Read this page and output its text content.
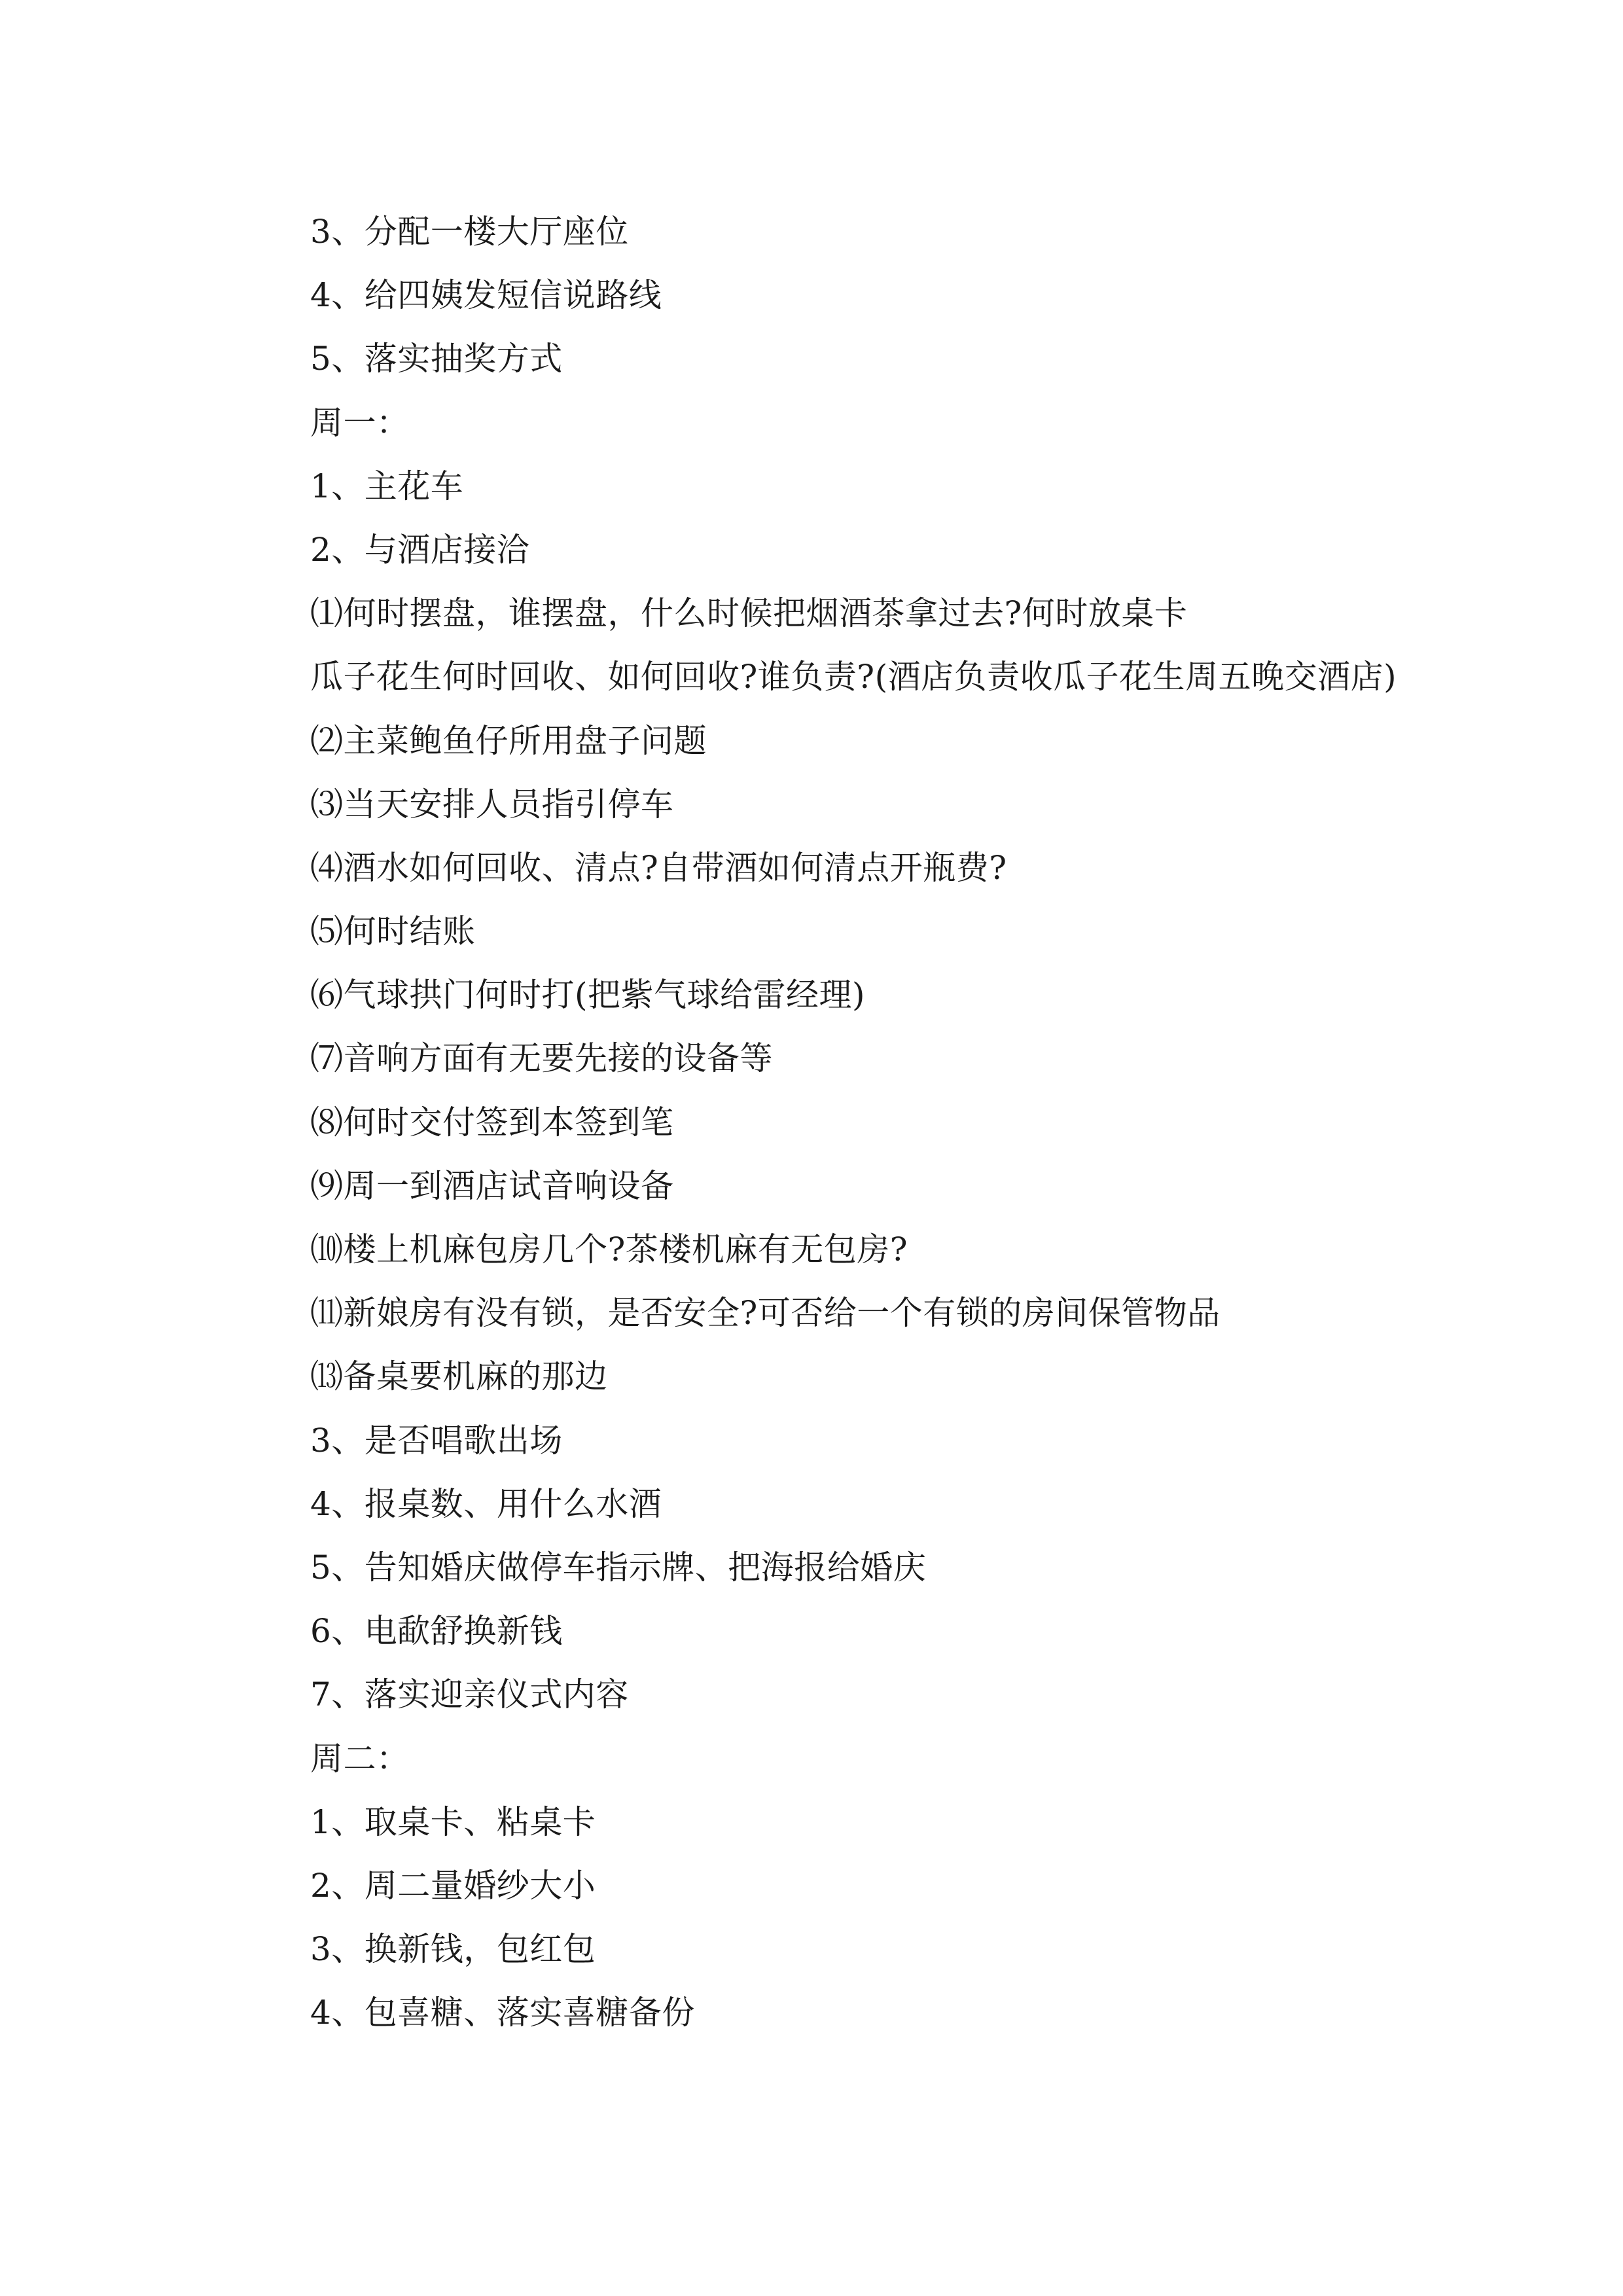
3、分配一楼大厅座位
4、给四姨发短信说路线
5、落实抽奖方式
周一：
1、主花车
2、与酒店接洽
⑴何时摆盘，谁摆盘，什么时候把烟酒茶拿过去?何时放桌卡
瓜子花生何时回收、如何回收?谁负责?(酒店负责收瓜子花生周五晚交酒店)
⑵主菜鲍鱼仔所用盘子问题
⑶当天安排人员指引停车
⑷酒水如何回收、清点?自带酒如何清点开瓶费?
⑸何时结账
⑹气球拱门何时打(把紫气球给雷经理)
⑺音响方面有无要先接的设备等
⑻何时交付签到本签到笔
⑼周一到酒店试音响设备
⑽楼上机麻包房几个?茶楼机麻有无包房?
⑾新娘房有没有锁，是否安全?可否给一个有锁的房间保管物品
⒀备桌要机麻的那边
3、是否唱歌出场
4、报桌数、用什么水酒
5、告知婚庆做停车指示牌、把海报给婚庆
6、电歃舒换新钱
7、落实迎亲仪式内容
周二：
1、取桌卡、粘桌卡
2、周二量婚纱大小
3、换新钱，包红包
4、包喜糖、落实喜糖备份
